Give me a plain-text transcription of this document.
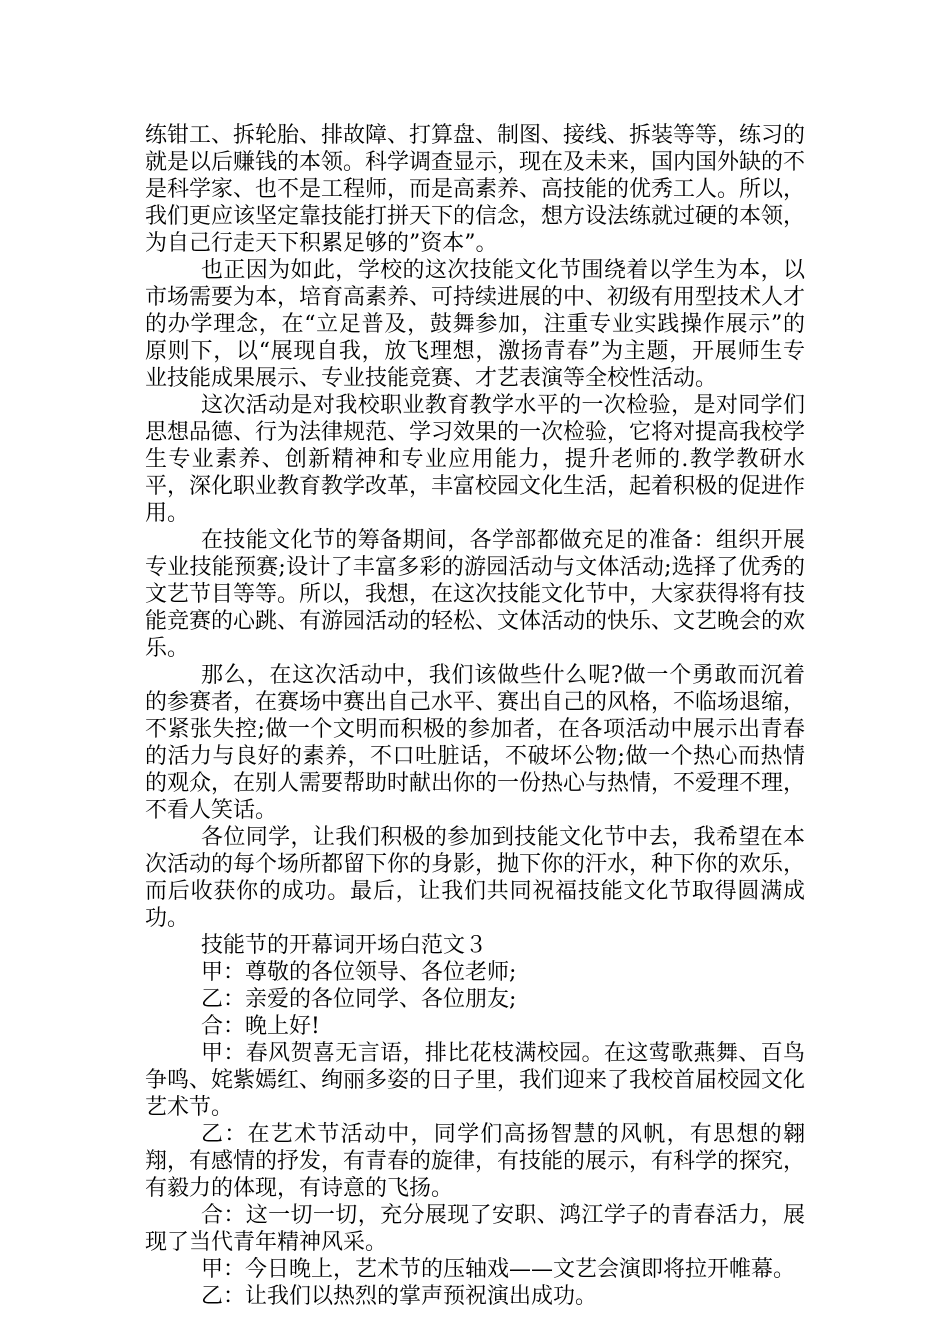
练钳工、拆轮胎、排故障、打算盘、制图、接线、拆装等等，练习的就是以后赚钱的本领。科学调查显示，现在及未来，国内国外缺的不是科学家、也不是工程师，而是高素养、高技能的优秀工人。所以，我们更应该坚定靠技能打拼天下的信念，想方设法练就过硬的本领，为自己行走天下积累足够的”资本”。

也正因为如此，学校的这次技能文化节围绕着以学生为本，以市场需要为本，培育高素养、可持续进展的中、初级有用型技术人才的办学理念，在“立足普及，鼓舞参加，注重专业实践操作展示”的原则下，以“展现自我，放飞理想，激扬青春”为主题，开展师生专业技能成果展示、专业技能竞赛、才艺表演等全校性活动。

这次活动是对我校职业教育教学水平的一次检验，是对同学们思想品德、行为法律规范、学习效果的一次检验，它将对提高我校学生专业素养、创新精神和专业应用能力，提升老师的.教学教研水平，深化职业教育教学改革，丰富校园文化生活，起着积极的促进作用。

在技能文化节的筹备期间，各学部都做充足的准备：组织开展专业技能预赛;设计了丰富多彩的游园活动与文体活动;选择了优秀的文艺节目等等。所以，我想，在这次技能文化节中，大家获得将有技能竞赛的心跳、有游园活动的轻松、文体活动的快乐、文艺晚会的欢乐。

那么，在这次活动中，我们该做些什么呢?做一个勇敢而沉着的参赛者，在赛场中赛出自己水平、赛出自己的风格，不临场退缩，不紧张失控;做一个文明而积极的参加者，在各项活动中展示出青春的活力与良好的素养，不口吐脏话，不破坏公物;做一个热心而热情的观众，在别人需要帮助时献出你的一份热心与热情，不爱理不理，不看人笑话。

各位同学，让我们积极的参加到技能文化节中去，我希望在本次活动的每个场所都留下你的身影，抛下你的汗水，种下你的欢乐，而后收获你的成功。最后，让我们共同祝福技能文化节取得圆满成功。

技能节的开幕词开场白范文３

甲：尊敬的各位领导、各位老师;

乙：亲爱的各位同学、各位朋友;

合：晚上好!

甲：春风贺喜无言语，排比花枝满校园。在这莺歌燕舞、百鸟争鸣、姹紫嫣红、绚丽多姿的日子里，我们迎来了我校首届校园文化艺术节。

乙：在艺术节活动中，同学们高扬智慧的风帆，有思想的翱翔，有感情的抒发，有青春的旋律，有技能的展示，有科学的探究，有毅力的体现，有诗意的飞扬。

合：这一切一切，充分展现了安职、鸿江学子的青春活力，展现了当代青年精神风采。

甲：今日晚上，艺术节的压轴戏——文艺会演即将拉开帷幕。

乙：让我们以热烈的掌声预祝演出成功。
